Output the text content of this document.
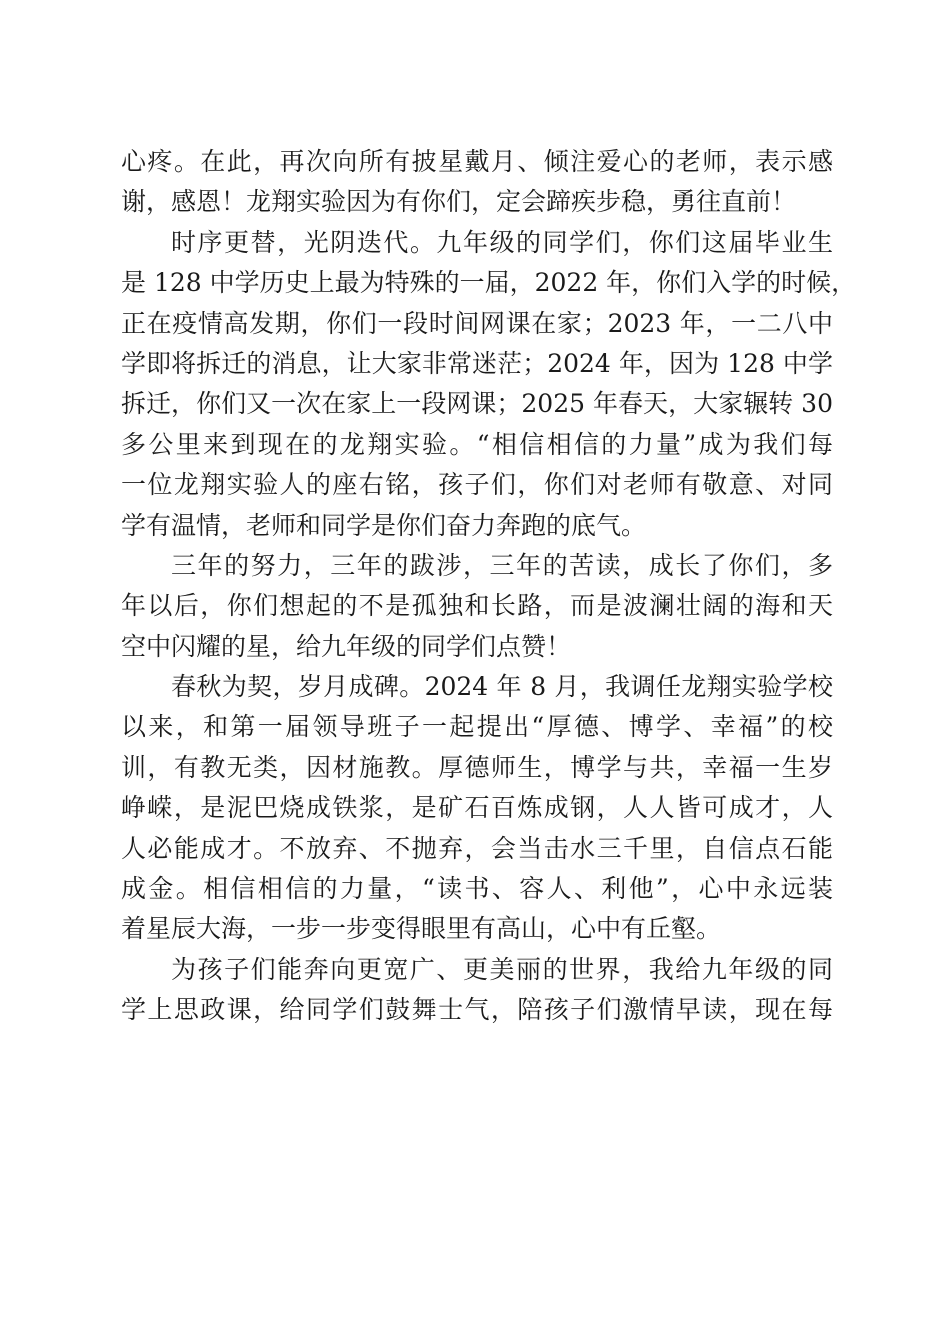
心疼。在此，再次向所有披星戴月、倾注爱心的老师，表示感
谢，感恩！龙翔实验因为有你们，定会蹄疾步稳，勇往直前！
时序更替，光阴迭代。九年级的同学们，你们这届毕业生
是 128 中学历史上最为特殊的一届，2022 年，你们入学的时候，
正在疫情高发期，你们一段时间网课在家；2023 年，一二八中
学即将拆迁的消息，让大家非常迷茫；2024 年，因为 128 中学
拆迁，你们又一次在家上一段网课；2025 年春天，大家辗转 30
多公里来到现在的龙翔实验。“相信相信的力量”成为我们每
一位龙翔实验人的座右铭，孩子们，你们对老师有敬意、对同
学有温情，老师和同学是你们奋力奔跑的底气。
三年的努力，三年的跋涉，三年的苦读，成长了你们，多
年以后，你们想起的不是孤独和长路，而是波澜壮阔的海和天
空中闪耀的星，给九年级的同学们点赞！
春秋为契，岁月成碑。2024 年 8 月，我调任龙翔实验学校
以来，和第一届领导班子一起提出“厚德、博学、幸福”的校
训，有教无类，因材施教。厚德师生，博学与共，幸福一生岁
峥嵘，是泥巴烧成铁浆，是矿石百炼成钢，人人皆可成才，人
人必能成才。不放弃、不抛弃，会当击水三千里，自信点石能
成金。相信相信的力量，“读书、容人、利他”，心中永远装
着星辰大海，一步一步变得眼里有高山，心中有丘壑。
为孩子们能奔向更宽广、更美丽的世界，我给九年级的同
学上思政课，给同学们鼓舞士气，陪孩子们激情早读，现在每
